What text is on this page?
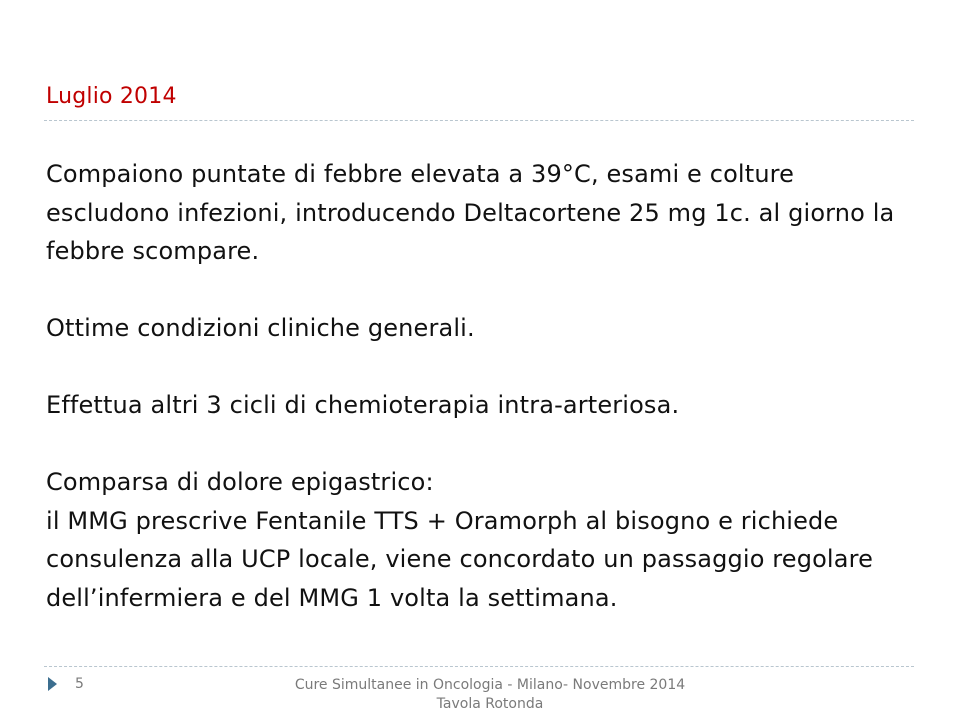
Luglio 2014

Compaiono puntate di febbre elevata a 39°C, esami e colture escludono infezioni, introducendo Deltacortene 25 mg 1c. al giorno la febbre scompare.

Ottime condizioni cliniche generali.

Effettua altri 3 cicli di chemioterapia intra-arteriosa.

Comparsa di dolore epigastrico:

il MMG prescrive Fentanile TTS + Oramorph al bisogno e richiede consulenza alla UCP locale, viene concordato un passaggio regolare dell’infermiera e del MMG 1 volta la settimana.

5	Cure Simultanee in Oncologia - Milano- Novembre 2014
Tavola Rotonda
